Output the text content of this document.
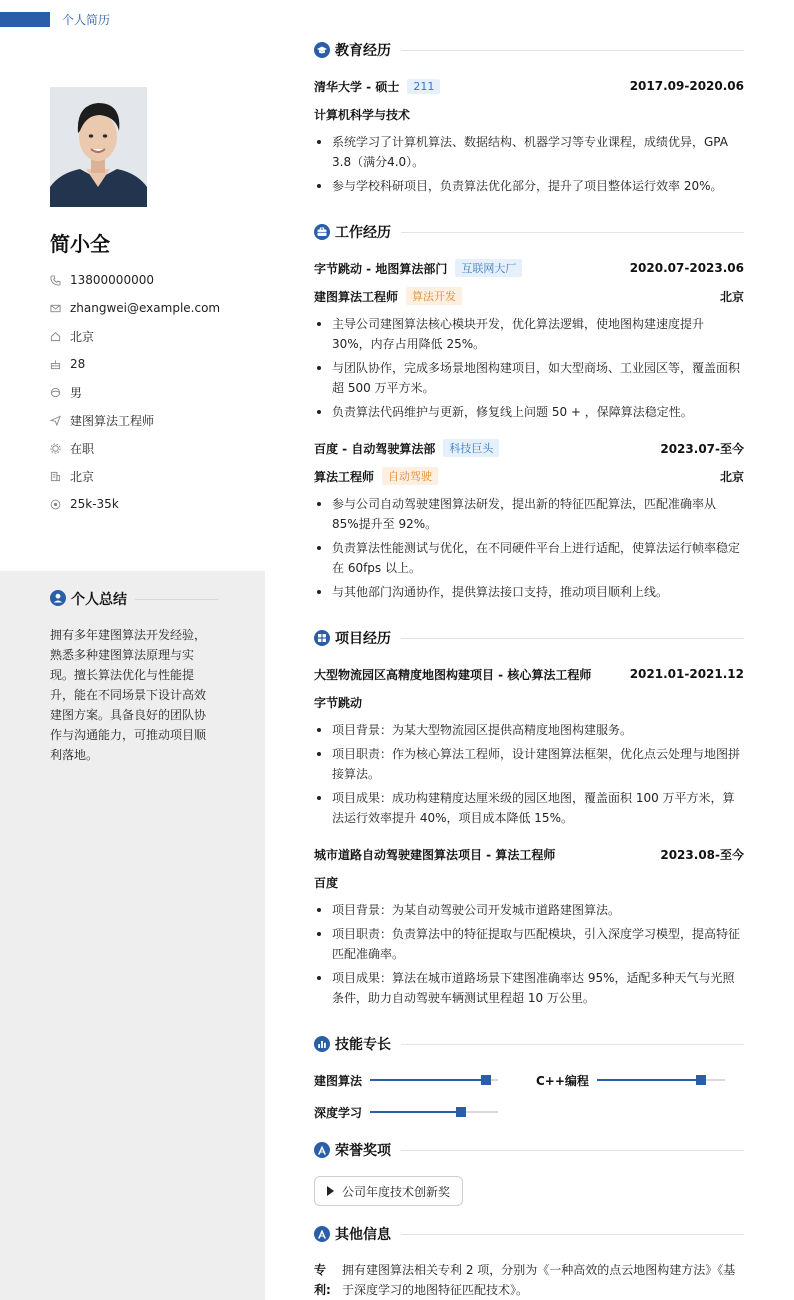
个人简历
简小全
13800000000
zhangwei@example.com
北京
28
男
建图算法工程师
在职
北京
25k-35k
个人总结
拥有多年建图算法开发经验，熟悉多种建图算法原理与实现。擅长算法优化与性能提升，能在不同场景下设计高效建图方案。具备良好的团队协作与沟通能力，可推动项目顺利落地。
教育经历
清华大学 - 硕士	211	2017.09-2020.06
计算机科学与技术
系统学习了计算机算法、数据结构、机器学习等专业课程，成绩优异，GPA 3.8（满分4.0）。
参与学校科研项目，负责算法优化部分，提升了项目整体运行效率 20%。
工作经历
字节跳动 - 地图算法部门	互联网大厂	2020.07-2023.06
建图算法工程师	算法开发	北京
主导公司建图算法核心模块开发，优化算法逻辑，使地图构建速度提升 30%，内存占用降低 25%。
与团队协作，完成多场景地图构建项目，如大型商场、工业园区等，覆盖面积超 500 万平方米。
负责算法代码维护与更新，修复线上问题 50 + ，保障算法稳定性。
百度 - 自动驾驶算法部	科技巨头	2023.07-至今
算法工程师	自动驾驶	北京
参与公司自动驾驶建图算法研发，提出新的特征匹配算法，匹配准确率从 85%提升至 92%。
负责算法性能测试与优化，在不同硬件平台上进行适配，使算法运行帧率稳定在 60fps 以上。
与其他部门沟通协作，提供算法接口支持，推动项目顺利上线。
项目经历
大型物流园区高精度地图构建项目 - 核心算法工程师	2021.01-2021.12
字节跳动
项目背景：为某大型物流园区提供高精度地图构建服务。
项目职责：作为核心算法工程师，设计建图算法框架，优化点云处理与地图拼接算法。
项目成果：成功构建精度达厘米级的园区地图，覆盖面积 100 万平方米，算法运行效率提升 40%，项目成本降低 15%。
城市道路自动驾驶建图算法项目 - 算法工程师	2023.08-至今
百度
项目背景：为某自动驾驶公司开发城市道路建图算法。
项目职责：负责算法中的特征提取与匹配模块，引入深度学习模型，提高特征匹配准确率。
项目成果：算法在城市道路场景下建图准确率达 95%，适配多种天气与光照条件，助力自动驾驶车辆测试里程超 10 万公里。
技能专长
建图算法	C++编程
深度学习
荣誉奖项
公司年度技术创新奖
其他信息
专利:
拥有建图算法相关专利 2 项，分别为《一种高效的点云地图构建方法》《基于深度学习的地图特征匹配技术》。
